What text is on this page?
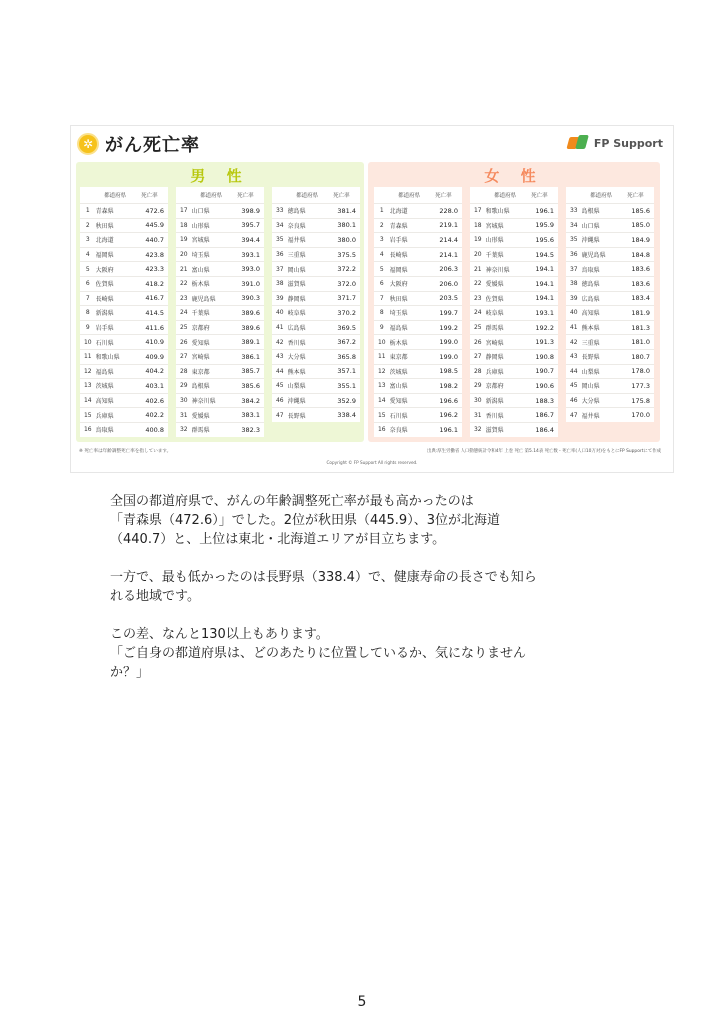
✲ がん死亡率	FP Support
男 性
都道府県	死亡率
1 青森県	472.6
2 秋田県	445.9
3 北海道	440.7
4 福岡県	423.8
5 大阪府	423.3
6 佐賀県	418.2
7 長崎県	416.7
8 新潟県	414.5
9 岩手県	411.6
10 石川県	410.9
11 和歌山県	409.9
12 福島県	404.2
13 茨城県	403.1
14 高知県	402.6
15 兵庫県	402.2
16 鳥取県	400.8
都道府県	死亡率
17 山口県	398.9
18 山形県	395.7
19 宮城県	394.4
20 埼玉県	393.1
21 富山県	393.0
22 栃木県	391.0
23 鹿児島県	390.3
24 千葉県	389.6
25 京都府	389.6
26 愛知県	389.1
27 宮崎県	386.1
28 東京都	385.7
29 島根県	385.6
30 神奈川県	384.2
31 愛媛県	383.1
32 群馬県	382.3
都道府県	死亡率
33 徳島県	381.4
34 奈良県	380.1
35 福井県	380.0
36 三重県	375.5
37 岡山県	372.2
38 滋賀県	372.0
39 静岡県	371.7
40 岐阜県	370.2
41 広島県	369.5
42 香川県	367.2
43 大分県	365.8
44 熊本県	357.1
45 山梨県	355.1
46 沖縄県	352.9
47 長野県	338.4
女 性
都道府県	死亡率
1 北海道	228.0
2 青森県	219.1
3 岩手県	214.4
4 長崎県	214.1
5 福岡県	206.3
6 大阪府	206.0
7 秋田県	203.5
8 埼玉県	199.7
9 福島県	199.2
10 栃木県	199.0
11 東京都	199.0
12 茨城県	198.5
13 富山県	198.2
14 愛知県	196.6
15 石川県	196.2
16 奈良県	196.1
都道府県	死亡率
17 和歌山県	196.1
18 宮城県	195.9
19 山形県	195.6
20 千葉県	194.5
21 神奈川県	194.1
22 愛媛県	194.1
23 佐賀県	194.1
24 岐阜県	193.1
25 群馬県	192.2
26 宮崎県	191.3
27 静岡県	190.8
28 兵庫県	190.7
29 京都府	190.6
30 新潟県	188.3
31 香川県	186.7
32 滋賀県	186.4
都道府県	死亡率
33 島根県	185.6
34 山口県	185.0
35 沖縄県	184.9
36 鹿児島県	184.8
37 鳥取県	183.6
38 徳島県	183.6
39 広島県	183.4
40 高知県	181.9
41 熊本県	181.3
42 三重県	181.0
43 長野県	180.7
44 山梨県	178.0
45 岡山県	177.3
46 大分県	175.8
47 福井県	170.0
※ 死亡率は年齢調整死亡率を指しています。	出典:厚生労働省 人口動態統計令和4年 上巻 死亡 第5.14表 死亡数・死亡率(人口10万対)をもとにFP Supportにて作成
Copyright © FP Support All rights reserved.

全国の都道府県で、がんの年齢調整死亡率が最も高かったのは

「青森県（472.6）」でした。2位が秋田県（445.9）、3位が北海道

（440.7）と、上位は東北・北海道エリアが目立ちます。

一方で、最も低かったのは長野県（338.4）で、健康寿命の長さでも知ら

れる地域です。

この差、なんと130以上もあります。

「ご自身の都道府県は、どのあたりに位置しているか、気になりません

か？」

5
